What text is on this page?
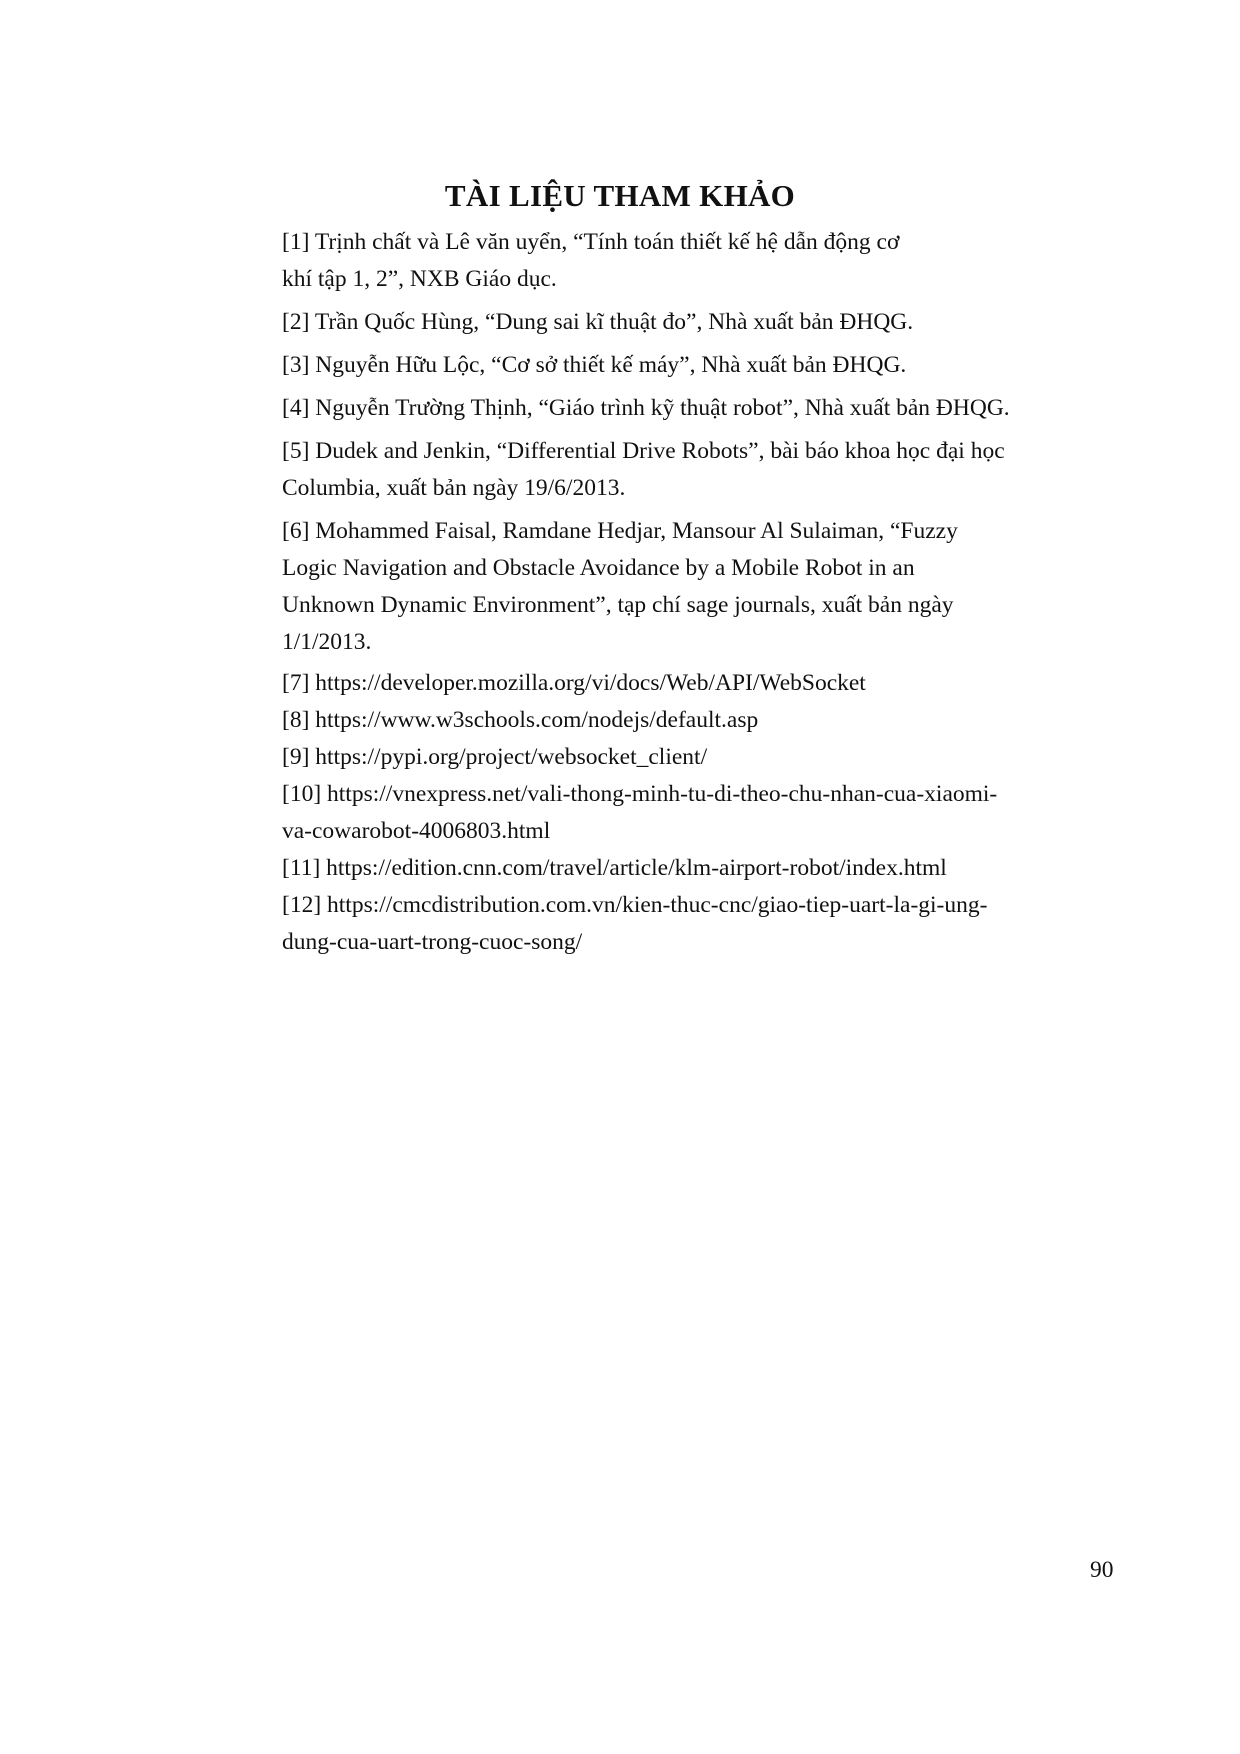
TÀI LIỆU THAM KHẢO
[1] Trịnh chất và Lê văn uyển, “Tính toán thiết kế hệ dẫn động cơ
khí tập 1, 2”, NXB Giáo dục.
[2] Trần Quốc Hùng, “Dung sai kĩ thuật đo”, Nhà xuất bản ĐHQG.
[3] Nguyễn Hữu Lộc, “Cơ sở thiết kế máy”, Nhà xuất bản ĐHQG.
[4] Nguyễn Trường Thịnh, “Giáo trình kỹ thuật robot”, Nhà xuất bản ĐHQG.
[5] Dudek and Jenkin, “Differential Drive Robots”, bài báo khoa học đại học
Columbia, xuất bản ngày 19/6/2013.
[6] Mohammed Faisal, Ramdane Hedjar, Mansour Al Sulaiman, “Fuzzy
Logic Navigation and Obstacle Avoidance by a Mobile Robot in an
Unknown Dynamic Environment”, tạp chí sage journals, xuất bản ngày
1/1/2013.
[7] https://developer.mozilla.org/vi/docs/Web/API/WebSocket
[8] https://www.w3schools.com/nodejs/default.asp
[9] https://pypi.org/project/websocket_client/
[10] https://vnexpress.net/vali-thong-minh-tu-di-theo-chu-nhan-cua-xiaomi-
va-cowarobot-4006803.html
[11] https://edition.cnn.com/travel/article/klm-airport-robot/index.html
[12] https://cmcdistribution.com.vn/kien-thuc-cnc/giao-tiep-uart-la-gi-ung-
dung-cua-uart-trong-cuoc-song/
90
